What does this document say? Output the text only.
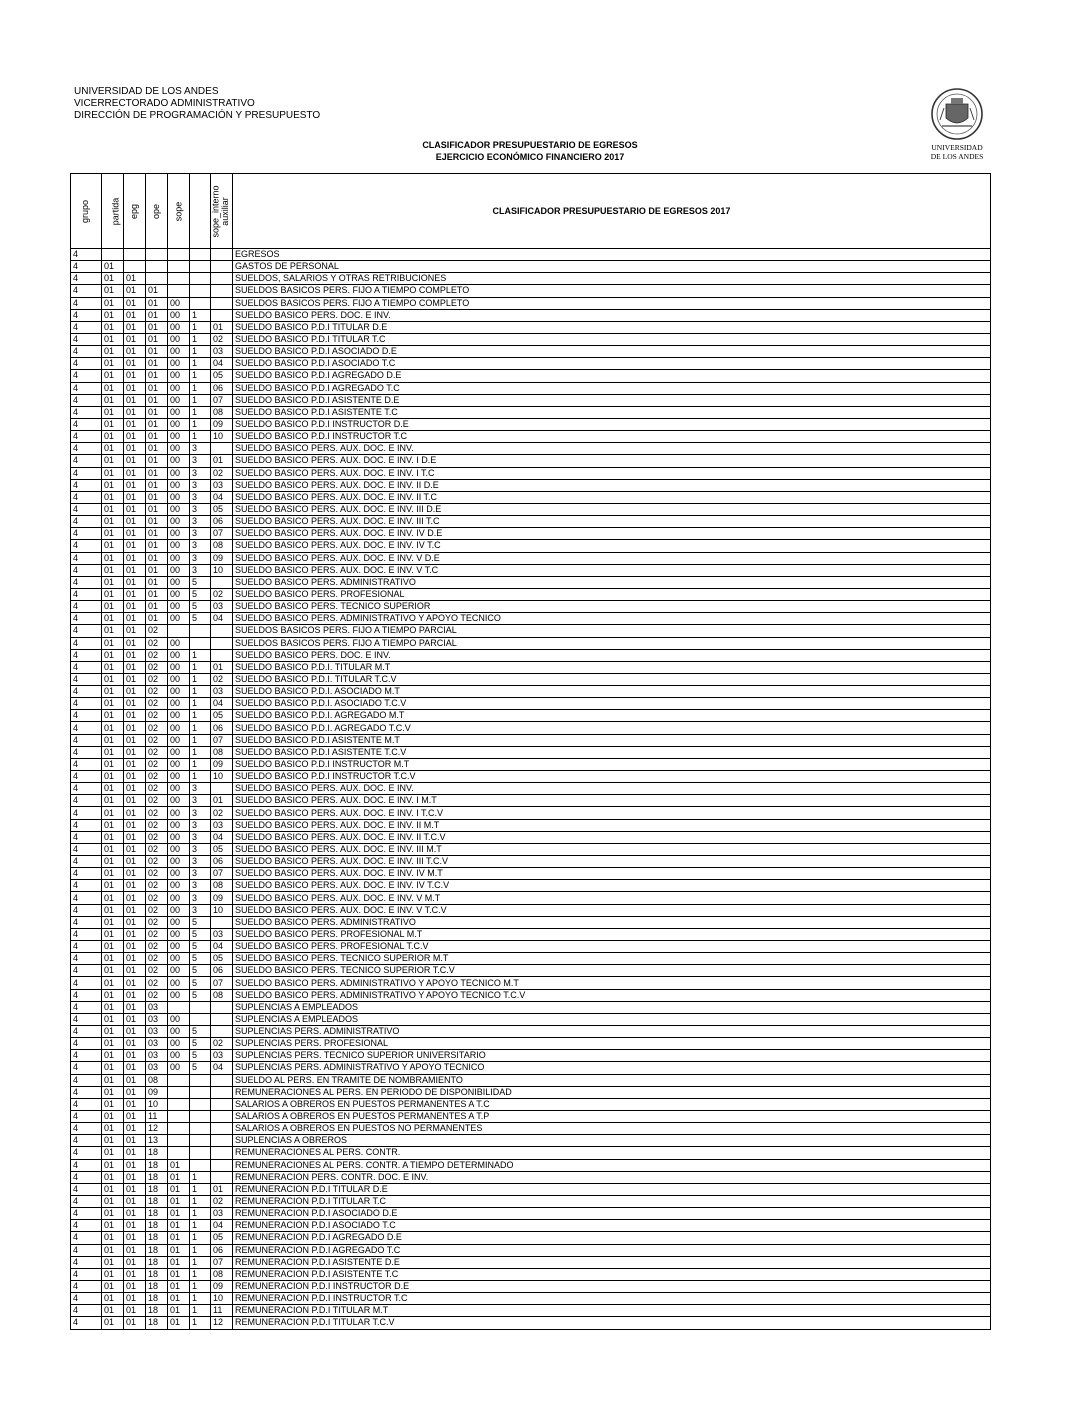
UNIVERSIDAD DE LOS ANDES
VICERRECTORADO ADMINISTRATIVO
DIRECCIÓN DE PROGRAMACIÓN Y PRESUPUESTO
UNIVERSIDAD
DE LOS ANDES
CLASIFICADOR PRESUPUESTARIO DE EGRESOS
EJERCICIO ECONÓMICO FINANCIERO 2017
grupo	partida	epg	ope	sope	sope_interno	auxiliar	CLASIFICADOR PRESUPUESTARIO DE EGRESOS 2017
4							EGRESOS
4	01						GASTOS DE PERSONAL
4	01	01					SUELDOS, SALARIOS Y OTRAS RETRIBUCIONES
4	01	01	01				SUELDOS BASICOS PERS. FIJO A TIEMPO COMPLETO
4	01	01	01	00			SUELDOS BASICOS PERS. FIJO A TIEMPO COMPLETO
4	01	01	01	00	1		SUELDO BASICO PERS. DOC. E INV.
4	01	01	01	00	1	01	SUELDO BASICO P.D.I TITULAR D.E
4	01	01	01	00	1	02	SUELDO BASICO P.D.I TITULAR T.C
4	01	01	01	00	1	03	SUELDO BASICO P.D.I ASOCIADO D.E
4	01	01	01	00	1	04	SUELDO BASICO P.D.I ASOCIADO T.C
4	01	01	01	00	1	05	SUELDO BASICO P.D.I AGREGADO D.E
4	01	01	01	00	1	06	SUELDO BASICO P.D.I AGREGADO T.C
4	01	01	01	00	1	07	SUELDO BASICO P.D.I ASISTENTE D.E
4	01	01	01	00	1	08	SUELDO BASICO P.D.I ASISTENTE T.C
4	01	01	01	00	1	09	SUELDO BASICO P.D.I INSTRUCTOR D.E
4	01	01	01	00	1	10	SUELDO BASICO P.D.I INSTRUCTOR T.C
4	01	01	01	00	3		SUELDO BASICO PERS. AUX. DOC. E INV.
4	01	01	01	00	3	01	SUELDO BASICO PERS. AUX. DOC. E INV. I D.E
4	01	01	01	00	3	02	SUELDO BASICO PERS. AUX. DOC. E INV. I T.C
4	01	01	01	00	3	03	SUELDO BASICO PERS. AUX. DOC. E INV. II D.E
4	01	01	01	00	3	04	SUELDO BASICO PERS. AUX. DOC. E INV. II T.C
4	01	01	01	00	3	05	SUELDO BASICO PERS. AUX. DOC. E INV. III D.E
4	01	01	01	00	3	06	SUELDO BASICO PERS. AUX. DOC. E INV. III T.C
4	01	01	01	00	3	07	SUELDO BASICO PERS. AUX. DOC. E INV. IV D.E
4	01	01	01	00	3	08	SUELDO BASICO PERS. AUX. DOC. E INV. IV T.C
4	01	01	01	00	3	09	SUELDO BASICO PERS. AUX. DOC. E INV. V D.E
4	01	01	01	00	3	10	SUELDO BASICO PERS. AUX. DOC. E INV. V T.C
4	01	01	01	00	5		SUELDO BASICO PERS. ADMINISTRATIVO
4	01	01	01	00	5	02	SUELDO BASICO PERS. PROFESIONAL
4	01	01	01	00	5	03	SUELDO BASICO PERS. TECNICO SUPERIOR
4	01	01	01	00	5	04	SUELDO BASICO PERS. ADMINISTRATIVO Y APOYO TECNICO
4	01	01	02				SUELDOS BASICOS PERS. FIJO A TIEMPO PARCIAL
4	01	01	02	00			SUELDOS BASICOS PERS. FIJO A TIEMPO PARCIAL
4	01	01	02	00	1		SUELDO BASICO PERS. DOC. E INV.
4	01	01	02	00	1	01	SUELDO BASICO P.D.I. TITULAR M.T
4	01	01	02	00	1	02	SUELDO BASICO P.D.I. TITULAR T.C.V
4	01	01	02	00	1	03	SUELDO BASICO P.D.I. ASOCIADO M.T
4	01	01	02	00	1	04	SUELDO BASICO P.D.I. ASOCIADO T.C.V
4	01	01	02	00	1	05	SUELDO BASICO P.D.I. AGREGADO M.T
4	01	01	02	00	1	06	SUELDO BASICO P.D.I. AGREGADO T.C.V
4	01	01	02	00	1	07	SUELDO BASICO P.D.I ASISTENTE M.T
4	01	01	02	00	1	08	SUELDO BASICO P.D.I ASISTENTE T.C.V
4	01	01	02	00	1	09	SUELDO BASICO P.D.I INSTRUCTOR M.T
4	01	01	02	00	1	10	SUELDO BASICO P.D.I INSTRUCTOR T.C.V
4	01	01	02	00	3		SUELDO BASICO PERS. AUX. DOC. E INV.
4	01	01	02	00	3	01	SUELDO BASICO PERS. AUX. DOC. E INV. I M.T
4	01	01	02	00	3	02	SUELDO BASICO PERS. AUX. DOC. E INV. I T.C.V
4	01	01	02	00	3	03	SUELDO BASICO PERS. AUX. DOC. E INV. II M.T
4	01	01	02	00	3	04	SUELDO BASICO PERS. AUX. DOC. E INV. II T.C.V
4	01	01	02	00	3	05	SUELDO BASICO PERS. AUX. DOC. E INV. III M.T
4	01	01	02	00	3	06	SUELDO BASICO PERS. AUX. DOC. E INV. III T.C.V
4	01	01	02	00	3	07	SUELDO BASICO PERS. AUX. DOC. E INV. IV M.T
4	01	01	02	00	3	08	SUELDO BASICO PERS. AUX. DOC. E INV. IV T.C.V
4	01	01	02	00	3	09	SUELDO BASICO PERS. AUX. DOC. E INV. V M.T
4	01	01	02	00	3	10	SUELDO BASICO PERS. AUX. DOC. E INV. V T.C.V
4	01	01	02	00	5		SUELDO BASICO PERS. ADMINISTRATIVO
4	01	01	02	00	5	03	SUELDO BASICO PERS. PROFESIONAL M.T
4	01	01	02	00	5	04	SUELDO BASICO PERS. PROFESIONAL T.C.V
4	01	01	02	00	5	05	SUELDO BASICO PERS. TECNICO SUPERIOR M.T
4	01	01	02	00	5	06	SUELDO BASICO PERS. TECNICO SUPERIOR T.C.V
4	01	01	02	00	5	07	SUELDO BASICO PERS. ADMINISTRATIVO Y APOYO TECNICO M.T
4	01	01	02	00	5	08	SUELDO BASICO PERS. ADMINISTRATIVO Y APOYO TECNICO T.C.V
4	01	01	03				SUPLENCIAS A EMPLEADOS
4	01	01	03	00			SUPLENCIAS A EMPLEADOS
4	01	01	03	00	5		SUPLENCIAS PERS. ADMINISTRATIVO
4	01	01	03	00	5	02	SUPLENCIAS PERS. PROFESIONAL
4	01	01	03	00	5	03	SUPLENCIAS PERS. TECNICO SUPERIOR UNIVERSITARIO
4	01	01	03	00	5	04	SUPLENCIAS PERS. ADMINISTRATIVO Y APOYO TECNICO
4	01	01	08				SUELDO AL PERS. EN TRAMITE DE NOMBRAMIENTO
4	01	01	09				REMUNERACIONES AL PERS. EN PERIODO DE DISPONIBILIDAD
4	01	01	10				SALARIOS A OBREROS EN PUESTOS PERMANENTES A T.C
4	01	01	11				SALARIOS A OBREROS EN PUESTOS PERMANENTES A T.P
4	01	01	12				SALARIOS A OBREROS EN PUESTOS NO PERMANENTES
4	01	01	13				SUPLENCIAS A OBREROS
4	01	01	18				REMUNERACIONES AL PERS. CONTR.
4	01	01	18	01			REMUNERACIONES AL PERS. CONTR. A TIEMPO DETERMINADO
4	01	01	18	01	1		REMUNERACION PERS. CONTR. DOC. E INV.
4	01	01	18	01	1	01	REMUNERACION P.D.I TITULAR D.E
4	01	01	18	01	1	02	REMUNERACION P.D.I TITULAR T.C
4	01	01	18	01	1	03	REMUNERACION P.D.I ASOCIADO D.E
4	01	01	18	01	1	04	REMUNERACION P.D.I ASOCIADO T.C
4	01	01	18	01	1	05	REMUNERACION P.D.I AGREGADO D.E
4	01	01	18	01	1	06	REMUNERACION P.D.I AGREGADO T.C
4	01	01	18	01	1	07	REMUNERACION P.D.I ASISTENTE D.E
4	01	01	18	01	1	08	REMUNERACION P.D.I ASISTENTE T.C
4	01	01	18	01	1	09	REMUNERACION P.D.I INSTRUCTOR D.E
4	01	01	18	01	1	10	REMUNERACION P.D.I INSTRUCTOR T.C
4	01	01	18	01	1	11	REMUNERACION P.D.I TITULAR M.T
4	01	01	18	01	1	12	REMUNERACION P.D.I TITULAR T.C.V
